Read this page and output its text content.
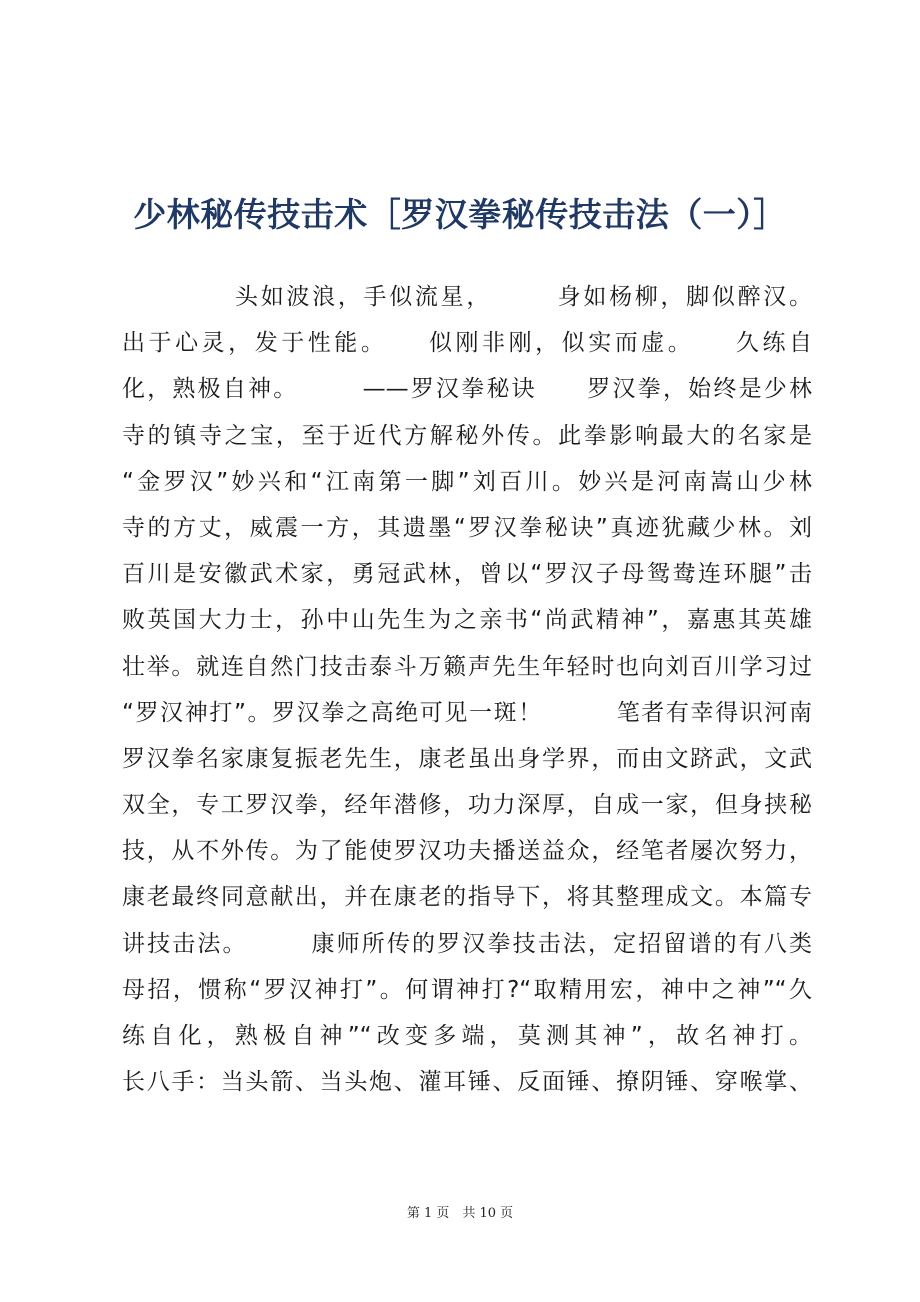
少林秘传技击术［罗汉拳秘传技击法（一）］
头如波浪，手似流星，　　　身如杨柳，脚似醉汉。
出于心灵，发于性能。　　似刚非刚，似实而虚。　　久练自
化，熟极自神。　　　——罗汉拳秘诀　　罗汉拳，始终是少林
寺的镇寺之宝，至于近代方解秘外传。此拳影响最大的名家是
“金罗汉”妙兴和“江南第一脚”刘百川。妙兴是河南嵩山少林
寺的方丈，威震一方，其遗墨“罗汉拳秘诀”真迹犹藏少林。刘
百川是安徽武术家，勇冠武林，曾以“罗汉子母鸳鸯连环腿”击
败英国大力士，孙中山先生为之亲书“尚武精神”，嘉惠其英雄
壮举。就连自然门技击泰斗万籁声先生年轻时也向刘百川学习过
“罗汉神打”。罗汉拳之高绝可见一斑！　　　笔者有幸得识河南
罗汉拳名家康复振老先生，康老虽出身学界，而由文跻武，文武
双全，专工罗汉拳，经年潜修，功力深厚，自成一家，但身挟秘
技，从不外传。为了能使罗汉功夫播送益众，经笔者屡次努力，
康老最终同意献出，并在康老的指导下，将其整理成文。本篇专
讲技击法。　　　康师所传的罗汉拳技击法，定招留谱的有八类
母招，惯称“罗汉神打”。何谓神打?“取精用宏，神中之神”“久
练自化，熟极自神”“改变多端，莫测其神”，故名神打。
长八手：当头箭、当头炮、灌耳锤、反面锤、撩阴锤、穿喉掌、
第 1 页　共 10 页
